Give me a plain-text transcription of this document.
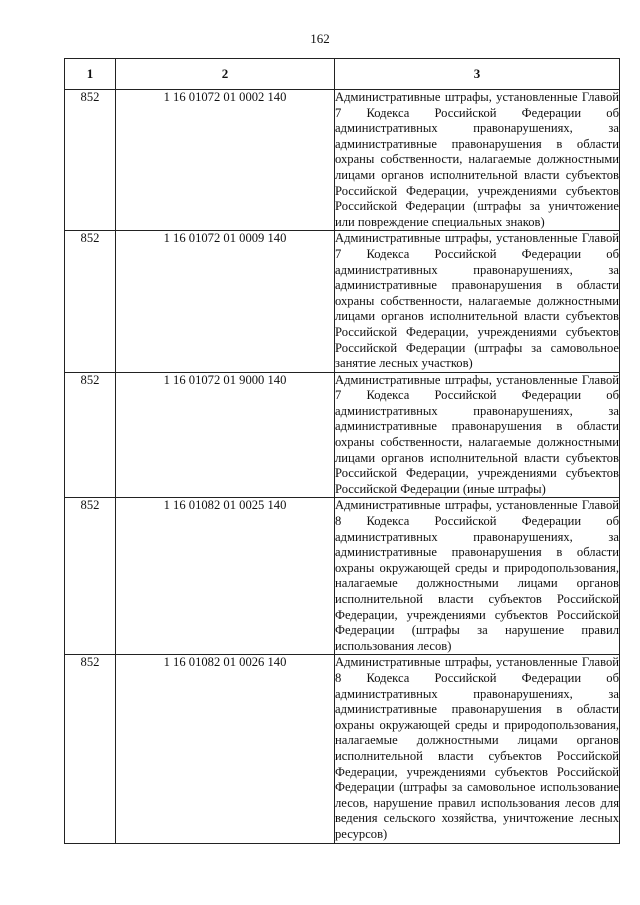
162
1	2	3
852	1 16 01072 01 0002 140	Административные штрафы, установленные Главой 7 Кодекса Российской Федерации об административных правонарушениях, за административные правонарушения в области охраны собственности, налагаемые должностными лицами органов исполнительной власти субъектов Российской Федерации, учреждениями субъектов Российской Федерации (штрафы за уничтожение или повреждение специальных знаков)
852	1 16 01072 01 0009 140	Административные штрафы, установленные Главой 7 Кодекса Российской Федерации об административных правонарушениях, за административные правонарушения в области охраны собственности, налагаемые должностными лицами органов исполнительной власти субъектов Российской Федерации, учреждениями субъектов Российской Федерации (штрафы за самовольное занятие лесных участков)
852	1 16 01072 01 9000 140	Административные штрафы, установленные Главой 7 Кодекса Российской Федерации об административных правонарушениях, за административные правонарушения в области охраны собственности, налагаемые должностными лицами органов исполнительной власти субъектов Российской Федерации, учреждениями субъектов Российской Федерации (иные штрафы)
852	1 16 01082 01 0025 140	Административные штрафы, установленные Главой 8 Кодекса Российской Федерации об административных правонарушениях, за административные правонарушения в области охраны окружающей среды и природопользования, налагаемые должностными лицами органов исполнительной власти субъектов Российской Федерации, учреждениями субъектов Российской Федерации (штрафы за нарушение правил использования лесов)
852	1 16 01082 01 0026 140	Административные штрафы, установленные Главой 8 Кодекса Российской Федерации об административных правонарушениях, за административные правонарушения в области охраны окружающей среды и природопользования, налагаемые должностными лицами органов исполнительной власти субъектов Российской Федерации, учреждениями субъектов Российской Федерации (штрафы за самовольное использование лесов, нарушение правил использования лесов для ведения сельского хозяйства, уничтожение лесных ресурсов)
